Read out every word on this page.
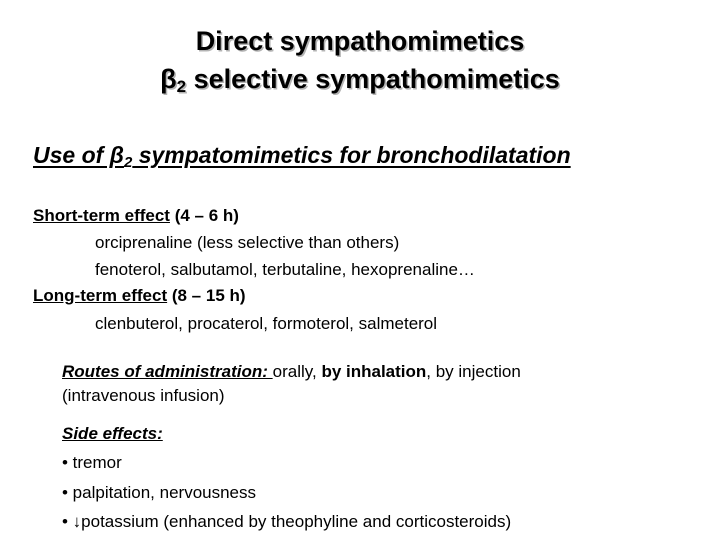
Direct sympathomimetics
$\beta_2$ selective sympathomimetics
Use of $\beta_2$ sympatomimetics for bronchodilatation
Short-term effect (4 – 6 h)
orciprenaline (less selective than others)
fenoterol, salbutamol, terbutaline, hexoprenaline…
Long-term effect (8 – 15 h)
clenbuterol, procaterol, formoterol, salmeterol
Routes of administration: orally, by inhalation, by injection
(intravenous infusion)
Side effects:
• tremor
• palpitation, nervousness
• ↓potassium (enhanced by theophyline and corticosteroids)
